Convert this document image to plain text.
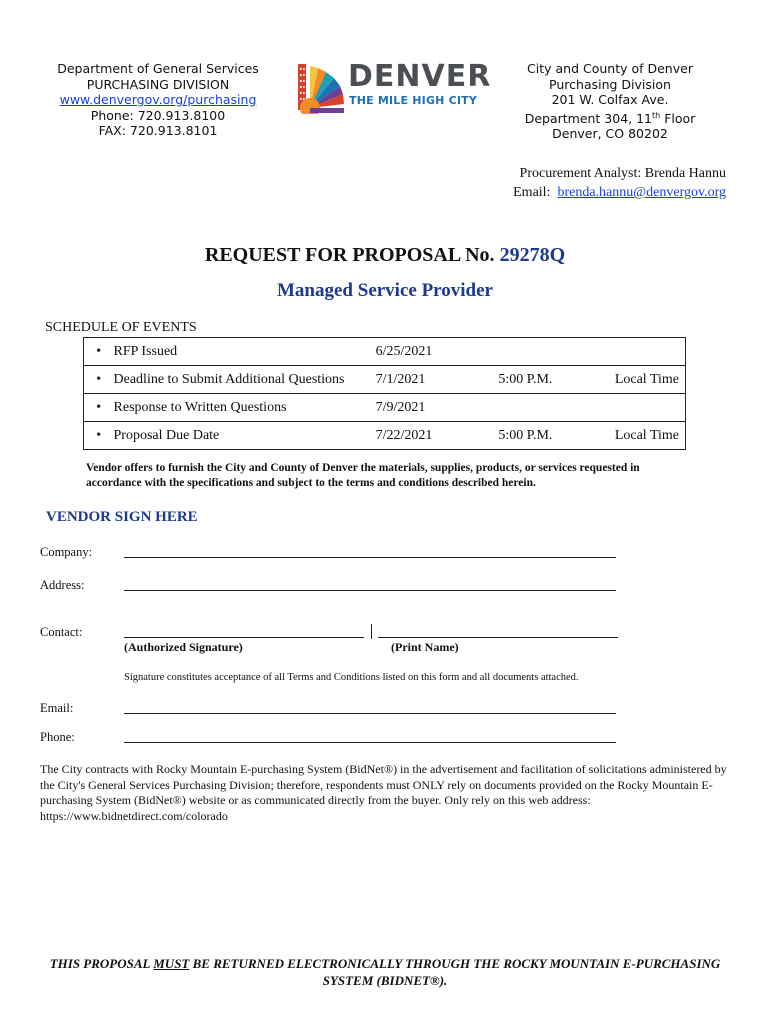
Department of General Services
PURCHASING DIVISION
www.denvergov.org/purchasing
Phone: 720.913.8100
FAX: 720.913.8101
DENVER
THE MILE HIGH CITY
City and County of Denver
Purchasing Division
201 W. Colfax Ave.
Department 304, 11th Floor
Denver, CO 80202
Procurement Analyst: Brenda Hannu
Email: brenda.hannu@denvergov.org
REQUEST FOR PROPOSAL No. 29278Q
Managed Service Provider
SCHEDULE OF EVENTS
•	RFP Issued	6/25/2021		
•	Deadline to Submit Additional Questions	7/1/2021	5:00 P.M.	Local Time
•	Response to Written Questions	7/9/2021		
•	Proposal Due Date	7/22/2021	5:00 P.M.	Local Time
Vendor offers to furnish the City and County of Denver the materials, supplies, products, or services requested in accordance with the specifications and subject to the terms and conditions described herein.
VENDOR SIGN HERE
Company:
Address:
Contact:
(Authorized Signature)	(Print Name)
Signature constitutes acceptance of all Terms and Conditions listed on this form and all documents attached.
Email:
Phone:
The City contracts with Rocky Mountain E-purchasing System (BidNet®) in the advertisement and facilitation of solicitations administered by the City's General Services Purchasing Division; therefore, respondents must ONLY rely on documents provided on the Rocky Mountain E-purchasing System (BidNet®) website or as communicated directly from the buyer. Only rely on this web address: https://www.bidnetdirect.com/colorado
THIS PROPOSAL MUST BE RETURNED ELECTRONICALLY THROUGH THE ROCKY MOUNTAIN E-PURCHASING
SYSTEM (BIDNET®).
